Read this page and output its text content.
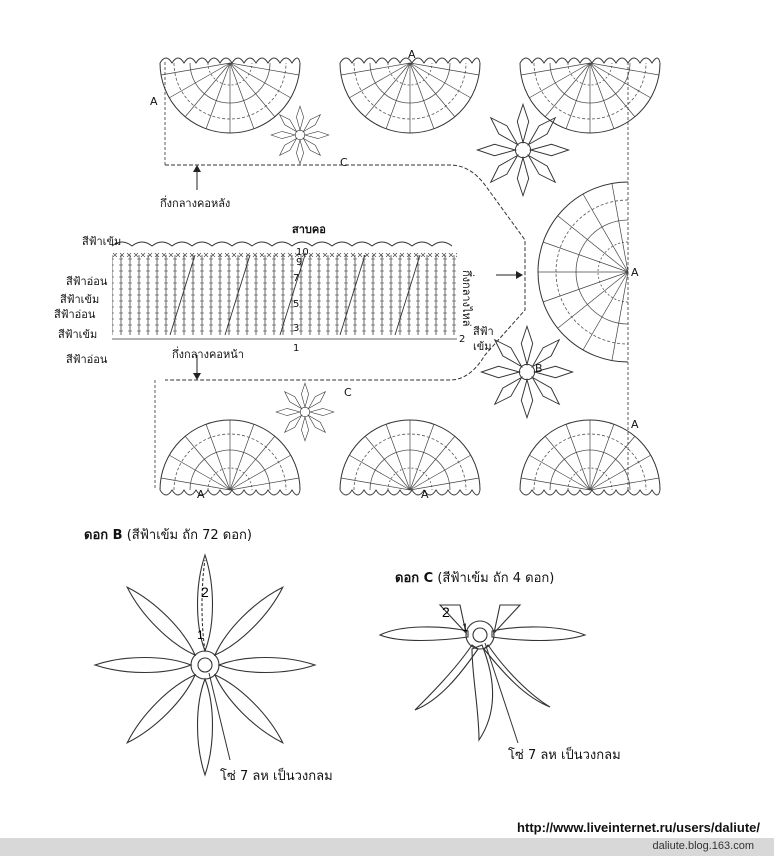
2
1
2
1
A
A
A
A	A
A
B
C
C
กึ่งกลางคอหลัง
กึ่งกลางคอหน้า
กึ่งกลางไหล่
สาบคอ
สีฟ้าเข้ม
สีฟ้าอ่อน
สีฟ้าเข้ม
สีฟ้าอ่อน
สีฟ้าเข้ม
สีฟ้าอ่อน
สีฟ้า
เข้ม
10
9
7
5
3
1
2
ดอก B (สีฟ้าเข้ม ถัก 72 ดอก)
โซ่ 7 ลห เป็นวงกลม
ดอก C (สีฟ้าเข้ม ถัก 4 ดอก)
โซ่ 7 ลห เป็นวงกลม
http://www.liveinternet.ru/users/daliute/
daliute.blog.163.com
